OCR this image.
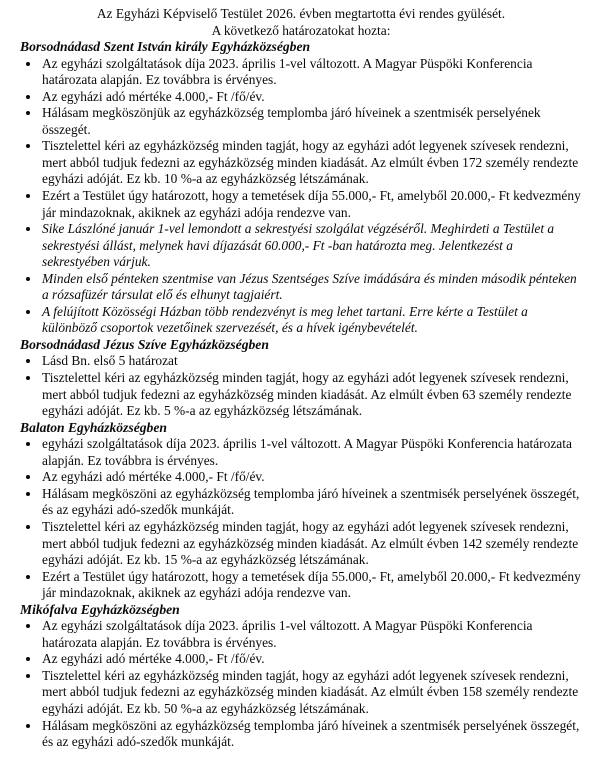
Az Egyházi Képviselő Testület 2026. évben megtartotta évi rendes gyülését.

A következő határozatokat hozta:

Borsodnádasd Szent István király Egyházközségben
• Az egyházi szolgáltatások díja 2023. április 1-vel változott. A Magyar Püspöki Konferencia határozata alapján. Ez továbbra is érvényes.
• Az egyházi adó mértéke 4.000,- Ft /fő/év.
• Hálásam megköszönjük az egyházközség templomba járó híveinek a szentmisék perselyének összegét.
• Tisztelettel kéri az egyházközség minden tagját, hogy az egyházi adót legyenek szívesek rendezni, mert abból tudjuk fedezni az egyházközség minden kiadását. Az elmúlt évben 172 személy rendezte egyházi adóját. Ez kb. 10 %-a az egyházközség létszámának.
• Ezért a Testület úgy határozott, hogy a temetések díja 55.000,- Ft, amelyből 20.000,- Ft kedvezmény jár mindazoknak, akiknek az egyházi adója rendezve van.
• Sike Lászlóné január 1-vel lemondott a sekrestyési szolgálat végzéséről. Meghirdeti a Testület a sekrestyési állást, melynek havi díjazását 60.000,- Ft -ban határozta meg. Jelentkezést a sekrestyében várjuk.
• Minden első pénteken szentmise van Jézus Szentséges Szíve imádására és minden második pénteken a rózsafüzér társulat elő és elhunyt tagjaiért.
• A felújított Közösségi Házban több rendezvényt is meg lehet tartani. Erre kérte a Testület a különböző csoportok vezetőinek szervezését, és a hívek igénybevételét.
Borsodnádasd Jézus Szíve Egyházközségben
• Lásd Bn. első 5 határozat
• Tisztelettel kéri az egyházközség minden tagját, hogy az egyházi adót legyenek szívesek rendezni, mert abból tudjuk fedezni az egyházközség minden kiadását. Az elmúlt évben 63 személy rendezte egyházi adóját. Ez kb. 5 %-a az egyházközség létszámának.
Balaton Egyházközségben
• egyházi szolgáltatások díja 2023. április 1-vel változott. A Magyar Püspöki Konferencia határozata alapján. Ez továbbra is érvényes.
• Az egyházi adó mértéke 4.000,- Ft /fő/év.
• Hálásam megköszöni az egyházközség templomba járó híveinek a szentmisék perselyének összegét, és az egyházi adó-szedők munkáját.
• Tisztelettel kéri az egyházközség minden tagját, hogy az egyházi adót legyenek szívesek rendezni, mert abból tudjuk fedezni az egyházközség minden kiadását. Az elmúlt évben 142 személy rendezte egyházi adóját. Ez kb. 15 %-a az egyházközség létszámának.
• Ezért a Testület úgy határozott, hogy a temetések díja 55.000,- Ft, amelyből 20.000,- Ft kedvezmény jár mindazoknak, akiknek az egyházi adója rendezve van.
Mikófalva Egyházközségben
• Az egyházi szolgáltatások díja 2023. április 1-vel változott. A Magyar Püspöki Konferencia határozata alapján. Ez továbbra is érvényes.
• Az egyházi adó mértéke 4.000,- Ft /fő/év.
• Tisztelettel kéri az egyházközség minden tagját, hogy az egyházi adót legyenek szívesek rendezni, mert abból tudjuk fedezni az egyházközség minden kiadását. Az elmúlt évben 158 személy rendezte egyházi adóját. Ez kb. 50 %-a az egyházközség létszámának.
• Hálásam megköszöni az egyházközség templomba járó híveinek a szentmisék perselyének összegét, és az egyházi adó-szedők munkáját.
